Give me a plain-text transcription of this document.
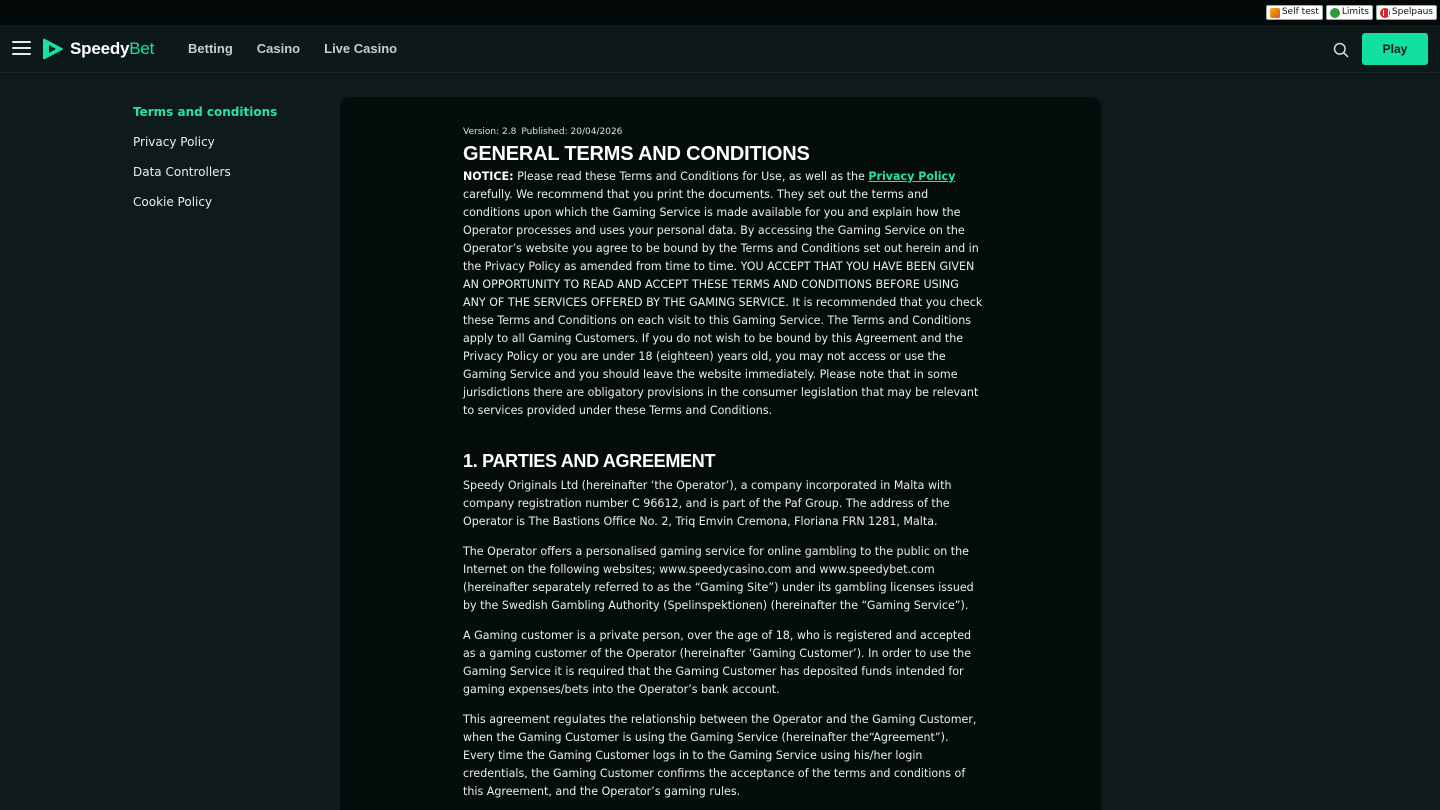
Self test	Limits	Spelpaus
SpeedyBet	Betting Casino Live Casino	Play
Terms and conditions
Privacy Policy
Data Controllers
Cookie Policy
Version: 2.8 Published: 20/04/2026
GENERAL TERMS AND CONDITIONS

NOTICE: Please read these Terms and Conditions for Use, as well as the Privacy Policy carefully. We recommend that you print the documents. They set out the terms and conditions upon which the Gaming Service is made available for you and explain how the Operator processes and uses your personal data. By accessing the Gaming Service on the Operator’s website you agree to be bound by the Terms and Conditions set out herein and in the Privacy Policy as amended from time to time. YOU ACCEPT THAT YOU HAVE BEEN GIVEN AN OPPORTUNITY TO READ AND ACCEPT THESE TERMS AND CONDITIONS BEFORE USING ANY OF THE SERVICES OFFERED BY THE GAMING SERVICE. It is recommended that you check these Terms and Conditions on each visit to this Gaming Service. The Terms and Conditions apply to all Gaming Customers. If you do not wish to be bound by this Agreement and the Privacy Policy or you are under 18 (eighteen) years old, you may not access or use the Gaming Service and you should leave the website immediately. Please note that in some jurisdictions there are obligatory provisions in the consumer legislation that may be relevant to services provided under these Terms and Conditions.

1. PARTIES AND AGREEMENT

Speedy Originals Ltd (hereinafter ‘the Operator’), a company incorporated in Malta with company registration number C 96612, and is part of the Paf Group. The address of the Operator is The Bastions Office No. 2, Triq Emvin Cremona, Floriana FRN 1281, Malta.

The Operator offers a personalised gaming service for online gambling to the public on the Internet on the following websites; www.speedycasino.com and www.speedybet.com (hereinafter separately referred to as the “Gaming Site”) under its gambling licenses issued by the Swedish Gambling Authority (Spelinspektionen) (hereinafter the “Gaming Service”).

A Gaming customer is a private person, over the age of 18, who is registered and accepted as a gaming customer of the Operator (hereinafter ‘Gaming Customer’). In order to use the Gaming Service it is required that the Gaming Customer has deposited funds intended for gaming expenses/bets into the Operator’s bank account.

This agreement regulates the relationship between the Operator and the Gaming Customer, when the Gaming Customer is using the Gaming Service (hereinafter the“Agreement”). Every time the Gaming Customer logs in to the Gaming Service using his/her login credentials, the Gaming Customer confirms the acceptance of the terms and conditions of this Agreement, and the Operator’s gaming rules.
